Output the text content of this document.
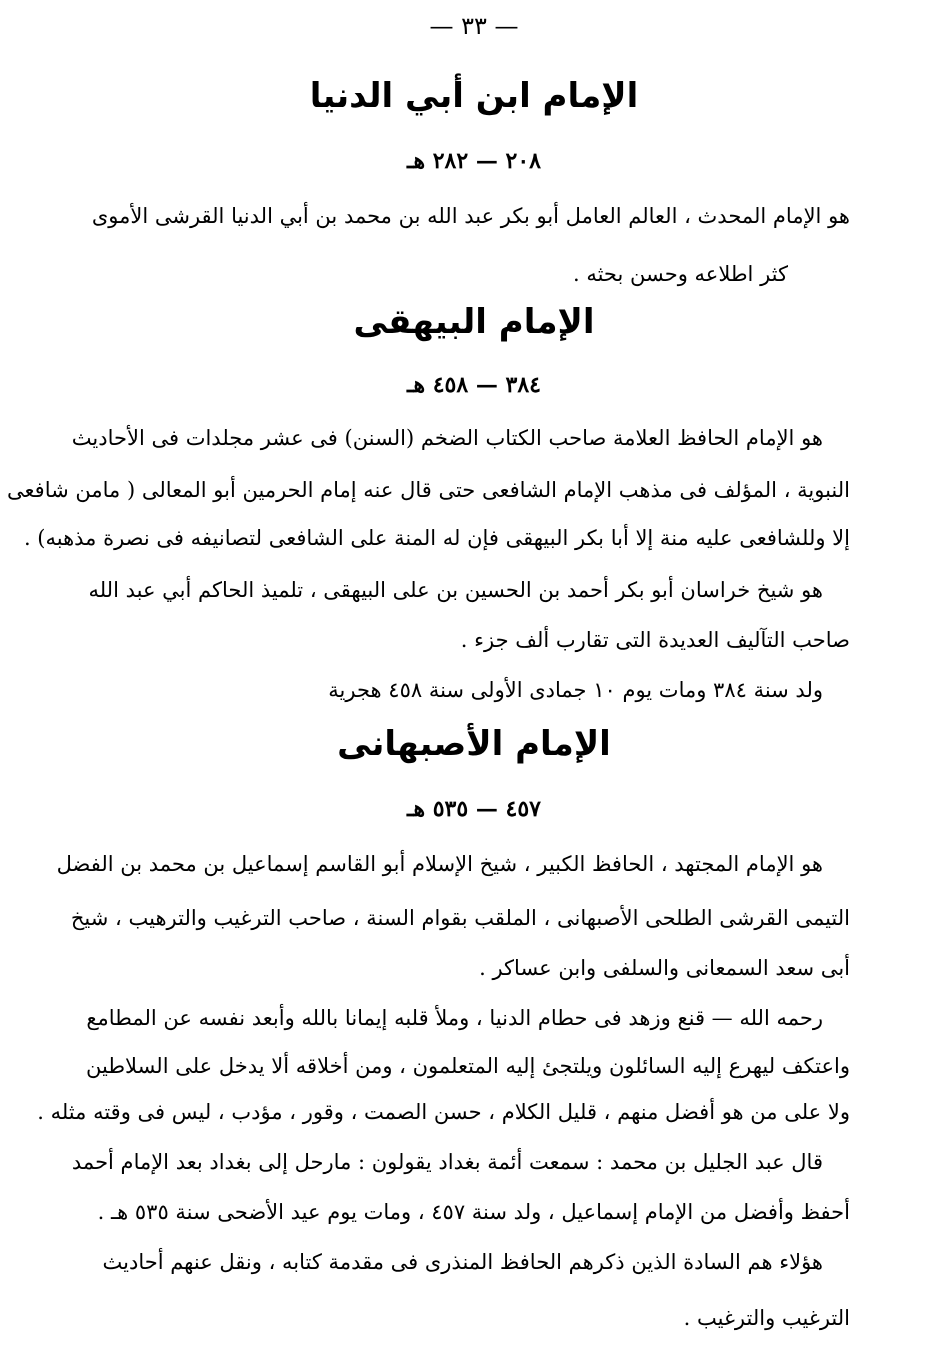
— ٣٣ —
الإمام ابن أبي الدنيا
٢٠٨ — ٢٨٢ هـ
هو الإمام المحدث ، العالم العامل أبو بكر عبد الله بن محمد بن أبي الدنيا القرشى الأموى
كثر اطلاعه وحسن بحثه .
الإمام البيهقى
٣٨٤ — ٤٥٨ هـ
هو الإمام الحافظ العلامة صاحب الكتاب الضخم (السنن) فى عشر مجلدات فى الأحاديث
النبوية ، المؤلف فى مذهب الإمام الشافعى حتى قال عنه إمام الحرمين أبو المعالى ( مامن شافعى
إلا وللشافعى عليه منة إلا أبا بكر البيهقى فإن له المنة على الشافعى لتصانيفه فى نصرة مذهبه) .
هو شيخ خراسان أبو بكر أحمد بن الحسين بن على البيهقى ، تلميذ الحاكم أبي عبد الله
صاحب التآليف العديدة التى تقارب ألف جزء .
ولد سنة ٣٨٤ ومات يوم ١٠ جمادى الأولى سنة ٤٥٨ هجرية
الإمام الأصبهانى
٤٥٧ — ٥٣٥ هـ
هو الإمام المجتهد ، الحافظ الكبير ، شيخ الإسلام أبو القاسم إسماعيل بن محمد بن الفضل
التيمى القرشى الطلحى الأصبهانى ، الملقب بقوام السنة ، صاحب الترغيب والترهيب ، شيخ
أبى سعد السمعانى والسلفى وابن عساكر .
رحمه الله — قنع وزهد فى حطام الدنيا ، وملأ قلبه إيمانا بالله وأبعد نفسه عن المطامع
واعتكف ليهرع إليه السائلون ويلتجئ إليه المتعلمون ، ومن أخلاقه ألا يدخل على السلاطين
ولا على من هو أفضل منهم ، قليل الكلام ، حسن الصمت ، وقور ، مؤدب ، ليس فى وقته مثله .
قال عبد الجليل بن محمد : سمعت أئمة بغداد يقولون : مارحل إلى بغداد بعد الإمام أحمد
أحفظ وأفضل من الإمام إسماعيل ، ولد سنة ٤٥٧ ، ومات يوم عيد الأضحى سنة ٥٣٥ هـ .
هؤلاء هم السادة الذين ذكرهم الحافظ المنذرى فى مقدمة كتابه ، ونقل عنهم أحاديث
الترغيب والترغيب .
